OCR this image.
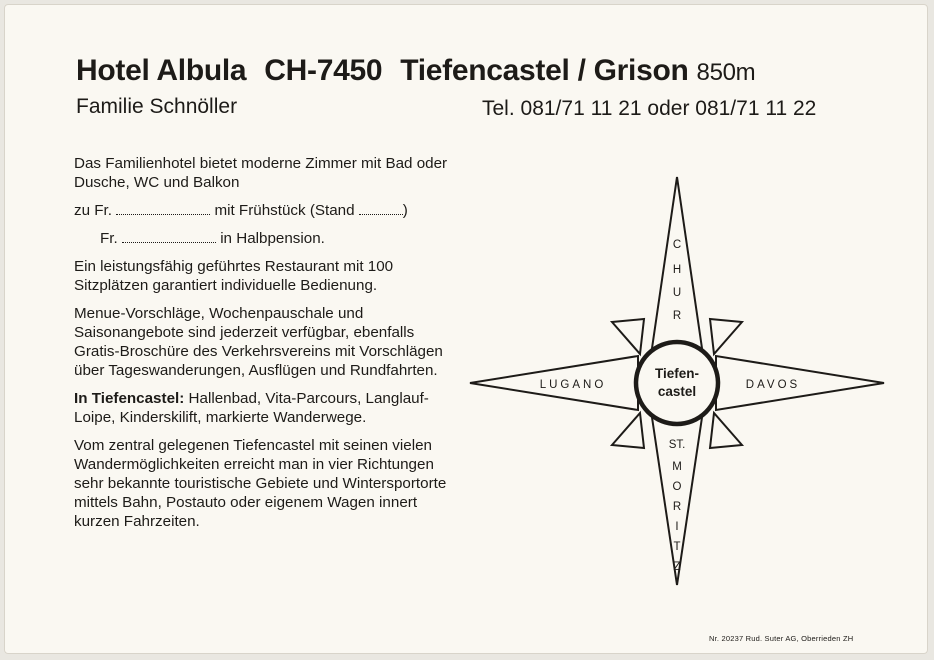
Hotel Albula CH-7450 Tiefencastel / Grison 850m
Familie Schnöller	Tel. 081/71 11 21 oder 081/71 11 22

Das Familienhotel bietet moderne Zimmer mit Bad oder Dusche, WC und Balkon

zu Fr.	mit Frühstück (Stand	)
Fr.	in Halbpension.

Ein leistungsfähig geführtes Restaurant mit 100 Sitzplätzen garantiert individuelle Bedienung.

Menue-Vorschläge, Wochenpauschale und Saisonangebote sind jederzeit verfügbar, ebenfalls Gratis-Broschüre des Verkehrsvereins mit Vorschlägen über Tageswanderungen, Ausflügen und Rundfahrten.

In Tiefencastel: Hallenbad, Vita-Parcours, Langlauf-Loipe, Kinderskilift, markierte Wanderwege.

Vom zentral gelegenen Tiefencastel mit seinen vielen Wandermöglichkeiten erreicht man in vier Richtungen sehr bekannte touristische Gebiete und Wintersportorte mittels Bahn, Postauto oder eigenem Wagen innert kurzen Fahrzeiten.

Tiefen-
castel
C
H
U
R
LUGANO	DAVOS
ST.
M
O
R
I
T
Z
Nr. 20237 Rud. Suter AG, Oberrieden ZH
